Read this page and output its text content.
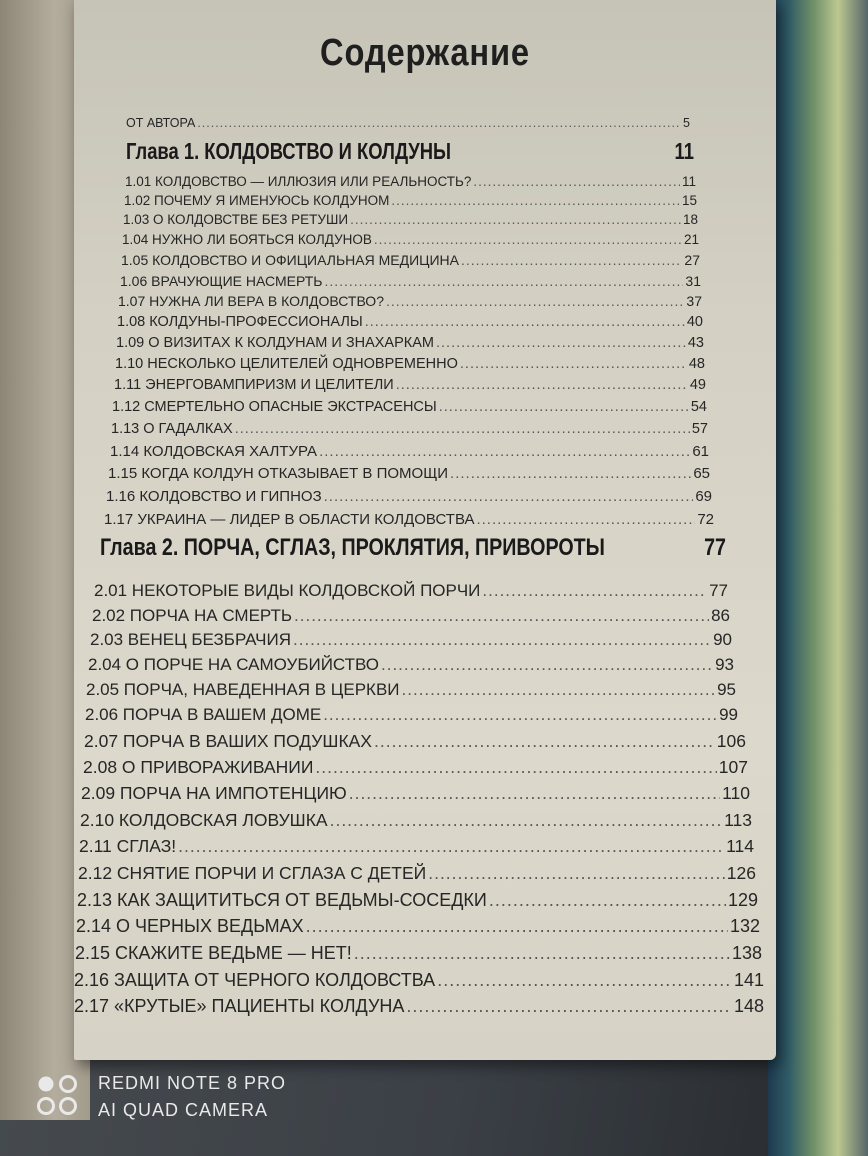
Содержание
ОТ АВТОРА .....	5
Глава 1. КОЛДОВСТВО И КОЛДУНЫ	11
1.01 КОЛДОВСТВО — ИЛЛЮЗИЯ ИЛИ РЕАЛЬНОСТЬ? .....	11
1.02 ПОЧЕМУ Я ИМЕНУЮСЬ КОЛДУНОМ .....	15
1.03 О КОЛДОВСТВЕ БЕЗ РЕТУШИ .....	18
1.04 НУЖНО ЛИ БОЯТЬСЯ КОЛДУНОВ .....	21
1.05 КОЛДОВСТВО И ОФИЦИАЛЬНАЯ МЕДИЦИНА .....	27
1.06 ВРАЧУЮЩИЕ НАСМЕРТЬ .....	31
1.07 НУЖНА ЛИ ВЕРА В КОЛДОВСТВО? .....	37
1.08 КОЛДУНЫ-ПРОФЕССИОНАЛЫ .....	40
1.09 О ВИЗИТАХ К КОЛДУНАМ И ЗНАХАРКАМ .....	43
1.10 НЕСКОЛЬКО ЦЕЛИТЕЛЕЙ ОДНОВРЕМЕННО .....	48
1.11 ЭНЕРГОВАМПИРИЗМ И ЦЕЛИТЕЛИ .....	49
1.12 СМЕРТЕЛЬНО ОПАСНЫЕ ЭКСТРАСЕНСЫ .....	54
1.13 О ГАДАЛКАХ .....	57
1.14 КОЛДОВСКАЯ ХАЛТУРА .....	61
1.15 КОГДА КОЛДУН ОТКАЗЫВАЕТ В ПОМОЩИ .....	65
1.16 КОЛДОВСТВО И ГИПНОЗ .....	69
1.17 УКРАИНА — ЛИДЕР В ОБЛАСТИ КОЛДОВСТВА .....	72
Глава 2. ПОРЧА, СГЛАЗ, ПРОКЛЯТИЯ, ПРИВОРОТЫ	77
2.01 НЕКОТОРЫЕ ВИДЫ КОЛДОВСКОЙ ПОРЧИ .....	77
2.02 ПОРЧА НА СМЕРТЬ .....	86
2.03 ВЕНЕЦ БЕЗБРАЧИЯ .....	90
2.04 О ПОРЧЕ НА САМОУБИЙСТВО .....	93
2.05 ПОРЧА, НАВЕДЕННАЯ В ЦЕРКВИ .....	95
2.06 ПОРЧА В ВАШЕМ ДОМЕ .....	99
2.07 ПОРЧА В ВАШИХ ПОДУШКАХ .....	106
2.08 О ПРИВОРАЖИВАНИИ .....	107
2.09 ПОРЧА НА ИМПОТЕНЦИЮ .....	110
2.10 КОЛДОВСКАЯ ЛОВУШКА .....	113
2.11 СГЛАЗ! .....	114
2.12 СНЯТИЕ ПОРЧИ И СГЛАЗА С ДЕТЕЙ .....	126
2.13 КАК ЗАЩИТИТЬСЯ ОТ ВЕДЬМЫ-СОСЕДКИ .....	129
2.14 О ЧЕРНЫХ ВЕДЬМАХ .....	132
2.15 СКАЖИТЕ ВЕДЬМЕ — НЕТ! .....	138
2.16 ЗАЩИТА ОТ ЧЕРНОГО КОЛДОВСТВА .....	141
2.17 «КРУТЫЕ» ПАЦИЕНТЫ КОЛДУНА .....	148
REDMI NOTE 8 PRO
AI QUAD CAMERA
